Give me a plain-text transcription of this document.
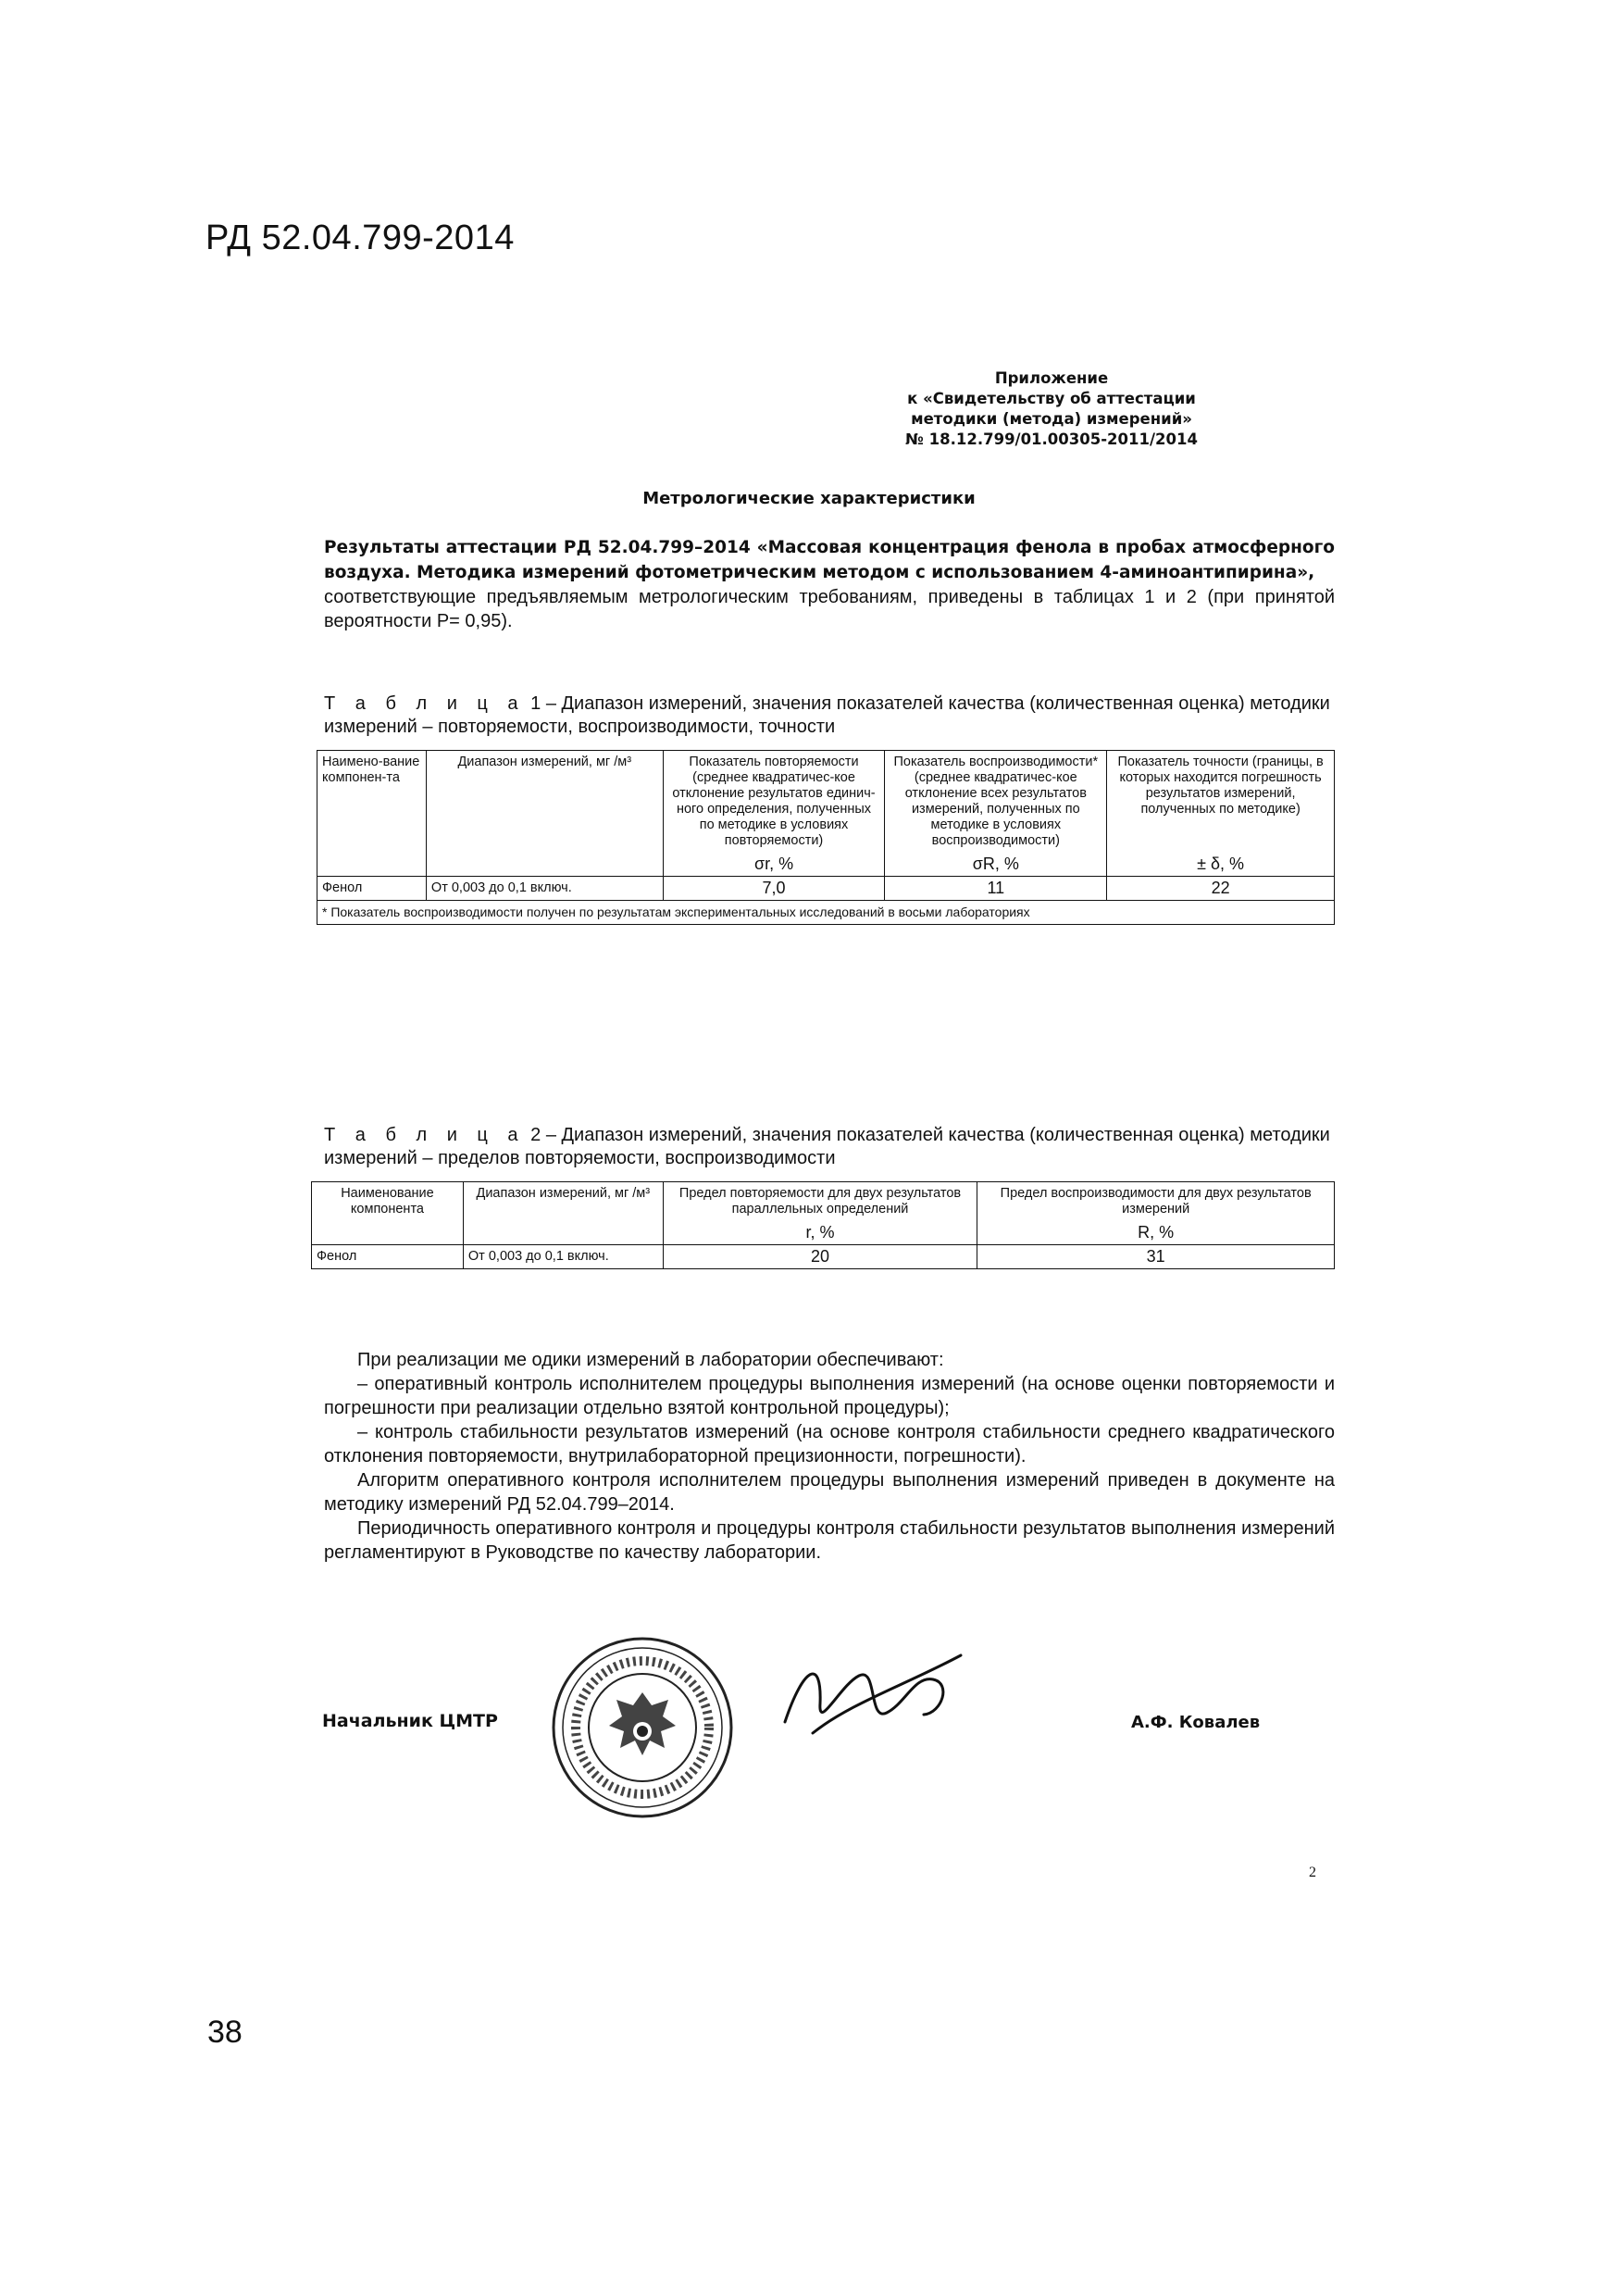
РД 52.04.799-2014
Приложение
к «Свидетельству об аттестации
методики (метода) измерений»
№ 18.12.799/01.00305-2011/2014
Метрологические характеристики
Результаты аттестации РД 52.04.799–2014 «Массовая концентрация фенола в пробах атмосферного воздуха. Методика измерений фотометрическим методом с использованием 4-аминоантипирина»,
соответствующие предъявляемым метрологическим требованиям, приведены в таблицах 1 и 2 (при принятой вероятности Р= 0,95).
Т а б л и ц а 1 – Диапазон измерений, значения показателей качества (количественная оценка) методики измерений – повторяемости, воспроизводимости, точности
Наимено-вание компонен-та	Диапазон измерений, мг /м³	Показатель повторяемости (среднее квадратичес-кое отклонение результатов единич-ного определения, полученных по методике в условиях повторяемости)	Показатель воспроизводимости* (среднее квадратичес-кое отклонение всех результатов измерений, полученных по методике в условиях воспроизводимости)	Показатель точности (границы, в которых находится погрешность результатов измерений, полученных по методике)
		σr, %	σR, %	± δ, %
Фенол	От 0,003 до 0,1 включ.	7,0	11	22
* Показатель воспроизводимости получен по результатам экспериментальных исследований в восьми лабораториях				
Т а б л и ц а 2 – Диапазон измерений, значения показателей качества (количественная оценка) методики измерений – пределов повторяемости, воспроизводимости
Наименование компонента	Диапазон измерений, мг /м³	Предел повторяемости для двух результатов параллельных определений	Предел воспроизводимости для двух результатов измерений
		r, %	R, %
Фенол	От 0,003 до 0,1 включ.	20	31

При реализации ме одики измерений в лаборатории обеспечивают:

– оперативный контроль исполнителем процедуры выполнения измерений (на основе оценки повторяемости и погрешности при реализации отдельно взятой контрольной процедуры);

– контроль стабильности результатов измерений (на основе контроля стабильности среднего квадратического отклонения повторяемости, внутрилабораторной прецизионности, погрешности).

Алгоритм оперативного контроля исполнителем процедуры выполнения измерений приведен в документе на методику измерений РД 52.04.799–2014.

Периодичность оперативного контроля и процедуры контроля стабильности результатов выполнения измерений регламентируют в Руководстве по качеству лаборатории.

Начальник ЦМТР	А.Ф. Ковалев
2
38
